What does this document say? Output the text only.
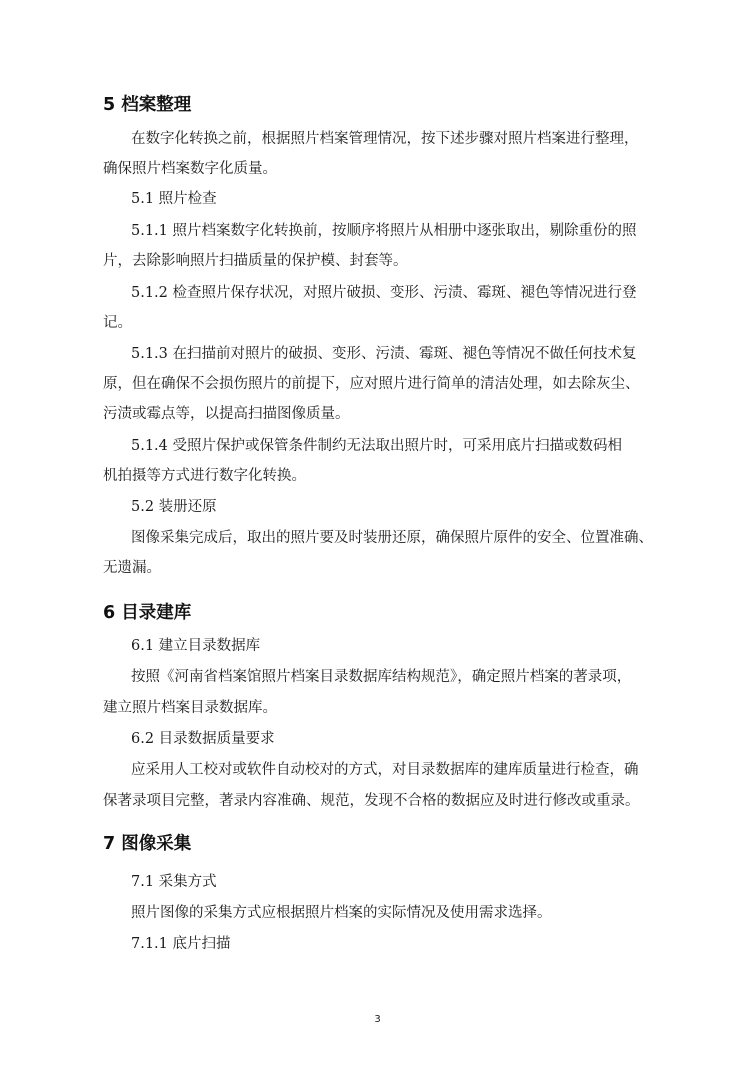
5 档案整理
在数字化转换之前，根据照片档案管理情况，按下述步骤对照片档案进行整理，
确保照片档案数字化质量。
5.1 照片检查
5.1.1 照片档案数字化转换前，按顺序将照片从相册中逐张取出，剔除重份的照
片，去除影响照片扫描质量的保护模、封套等。
5.1.2 检查照片保存状况，对照片破损、变形、污渍、霉斑、褪色等情况进行登
记。
5.1.3 在扫描前对照片的破损、变形、污渍、霉斑、褪色等情况不做任何技术复
原，但在确保不会损伤照片的前提下，应对照片进行简单的清洁处理，如去除灰尘、
污渍或霉点等，以提高扫描图像质量。
5.1.4 受照片保护或保管条件制约无法取出照片时，可采用底片扫描或数码相
机拍摄等方式进行数字化转换。
5.2 装册还原
图像采集完成后，取出的照片要及时装册还原，确保照片原件的安全、位置准确、
无遗漏。
6 目录建库
6.1 建立目录数据库
按照《河南省档案馆照片档案目录数据库结构规范》，确定照片档案的著录项，
建立照片档案目录数据库。
6.2 目录数据质量要求
应采用人工校对或软件自动校对的方式，对目录数据库的建库质量进行检查，确
保著录项目完整，著录内容准确、规范，发现不合格的数据应及时进行修改或重录。
7 图像采集
7.1 采集方式
照片图像的采集方式应根据照片档案的实际情况及使用需求选择。
7.1.1 底片扫描
3
